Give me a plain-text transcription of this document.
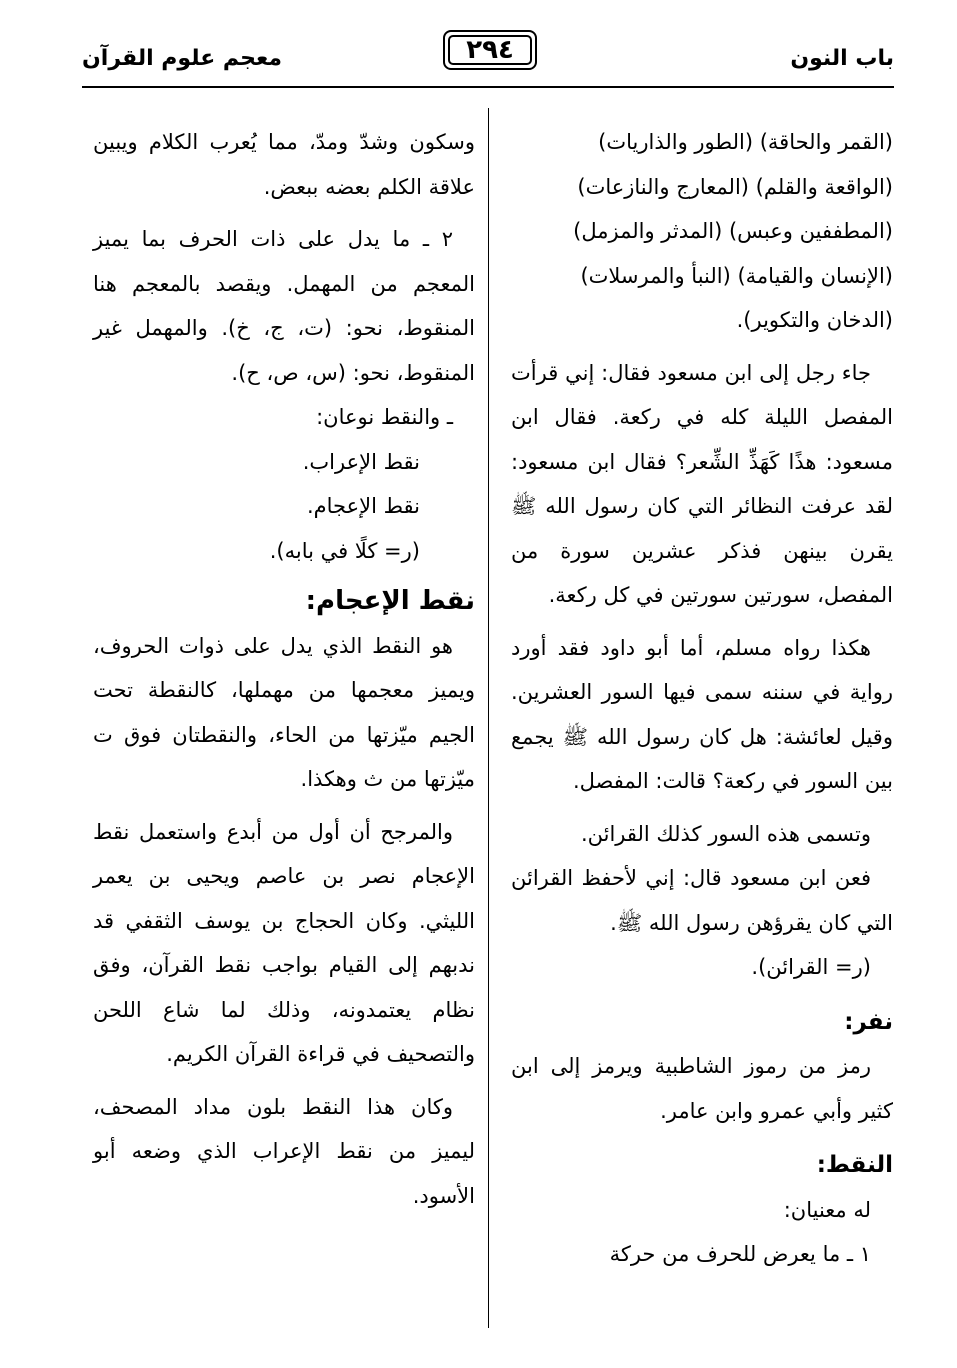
باب النون
٢٩٤
معجم علوم القرآن

(القمر والحاقة) (الطور والذاريات)

(الواقعة والقلم) (المعارج والنازعات)

(المطففين وعبس) (المدثر والمزمل)

(الإنسان والقيامة) (النبأ والمرسلات)

(الدخان والتكوير).

جاء رجل إلى ابن مسعود فقال: إني قرأت المفصل الليلة كله في ركعة. فقال ابن مسعود: هذًا كَهَذِّ الشِّعر؟ فقال ابن مسعود: لقد عرفت النظائر التي كان رسول الله ﷺ يقرن بينهن فذكر عشرين سورة من المفصل، سورتين سورتين في كل ركعة.

هكذا رواه مسلم، أما أبو داود فقد أورد رواية في سننه سمى فيها السور العشرين. وقيل لعائشة: هل كان رسول الله ﷺ يجمع بين السور في ركعة؟ قالت: المفصل.

وتسمى هذه السور كذلك القرائن.

فعن ابن مسعود قال: إني لأحفظ القرائن التي كان يقرؤهن رسول الله ﷺ.

(ر= القرائن).

نفر:

رمز من رموز الشاطبية ويرمز إلى ابن كثير وأبي عمرو وابن عامر.

النقط:

له معنيان:

١ ـ ما يعرض للحرف من حركة

وسكون وشدّ ومدّ، مما يُعرب الكلام ويبين علاقة الكلم بعضه ببعض.

٢ ـ ما يدل على ذات الحرف بما يميز المعجم من المهمل. ويقصد بالمعجم هنا المنقوط، نحو: (ت، ج، خ). والمهمل غير المنقوط، نحو: (س، ص، ح).

ـ والنقط نوعان:

نقط الإعراب.

نقط الإعجام.

(ر= كلًا في بابه).

نقط الإعجام:

هو النقط الذي يدل على ذوات الحروف، ويميز معجمها من مهملها، كالنقطة تحت الجيم ميّزتها من الحاء، والنقطتان فوق ت ميّزتها من ث وهكذا.

والمرجح أن أول من أبدع واستعمل نقط الإعجام نصر بن عاصم ويحيى بن يعمر الليثي. وكان الحجاج بن يوسف الثقفي قد ندبهم إلى القيام بواجب نقط القرآن، وفق نظام يعتمدونه، وذلك لما شاع اللحن والتصحيف في قراءة القرآن الكريم.

وكان هذا النقط بلون مداد المصحف، ليميز من نقط الإعراب الذي وضعه أبو الأسود.
